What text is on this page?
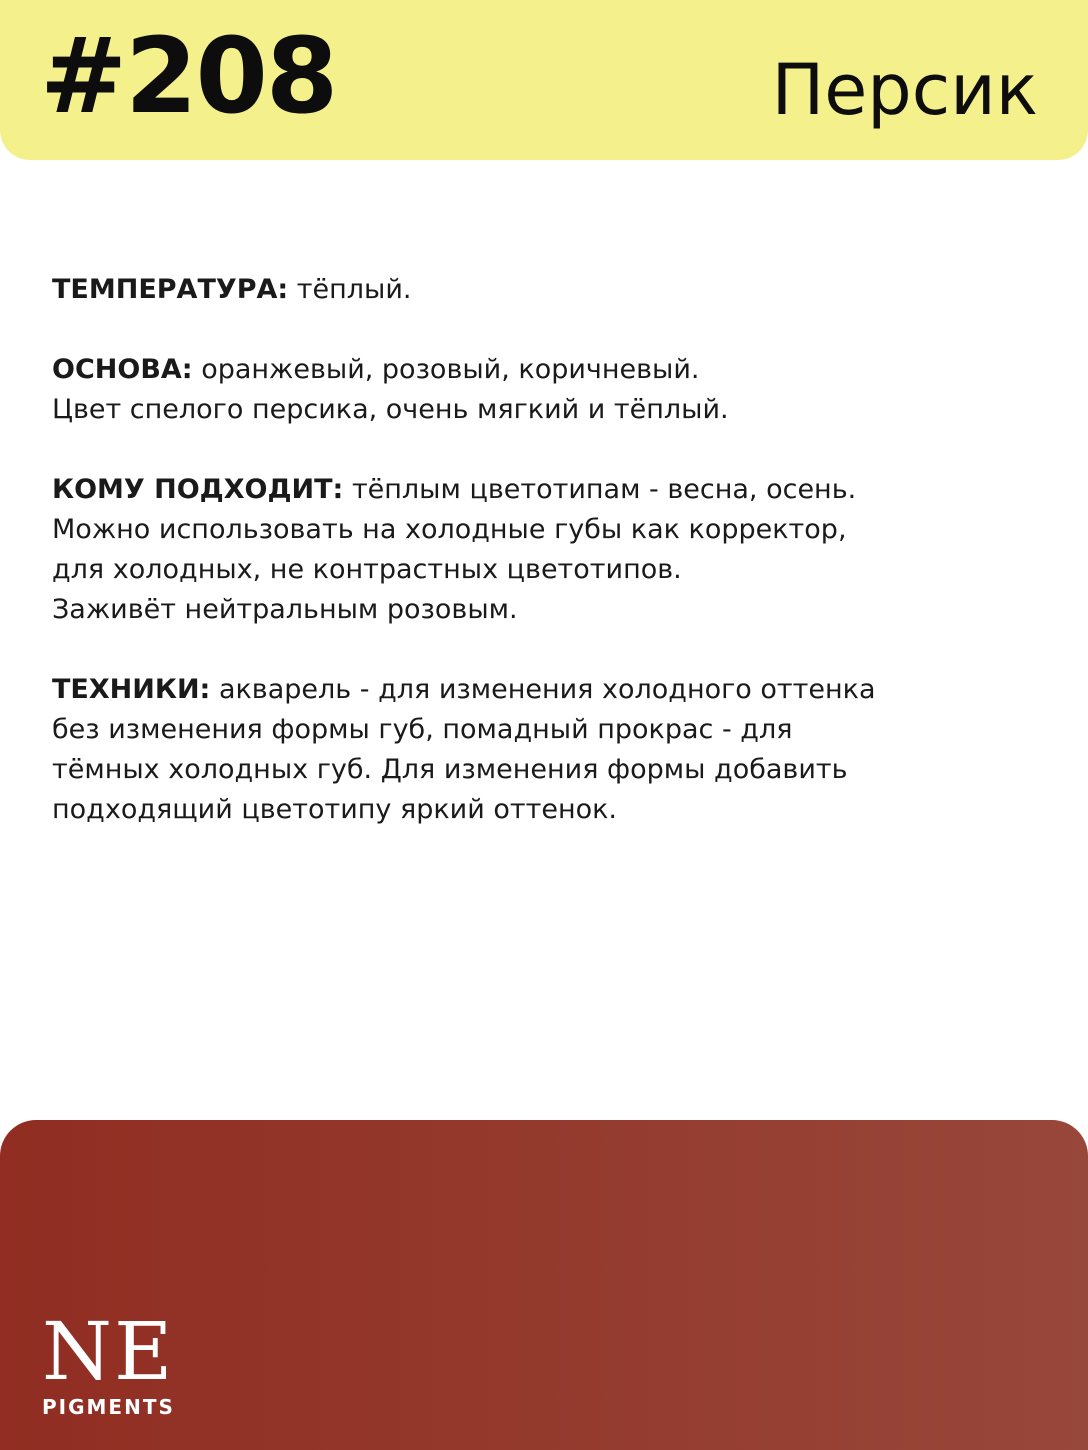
#208	Персик

ТЕМПЕРАТУРА: тёплый.

ОСНОВА: оранжевый, розовый, коричневый.
Цвет спелого персика, очень мягкий и тёплый.

КОМУ ПОДХОДИТ: тёплым цветотипам - весна, осень.
Можно использовать на холодные губы как корректор,
для холодных, не контрастных цветотипов.
Заживёт нейтральным розовым.

ТЕХНИКИ: акварель - для изменения холодного оттенка
без изменения формы губ, помадный прокрас - для
тёмных холодных губ. Для изменения формы добавить
подходящий цветотипу яркий оттенок.

NE
PIGMENTS
